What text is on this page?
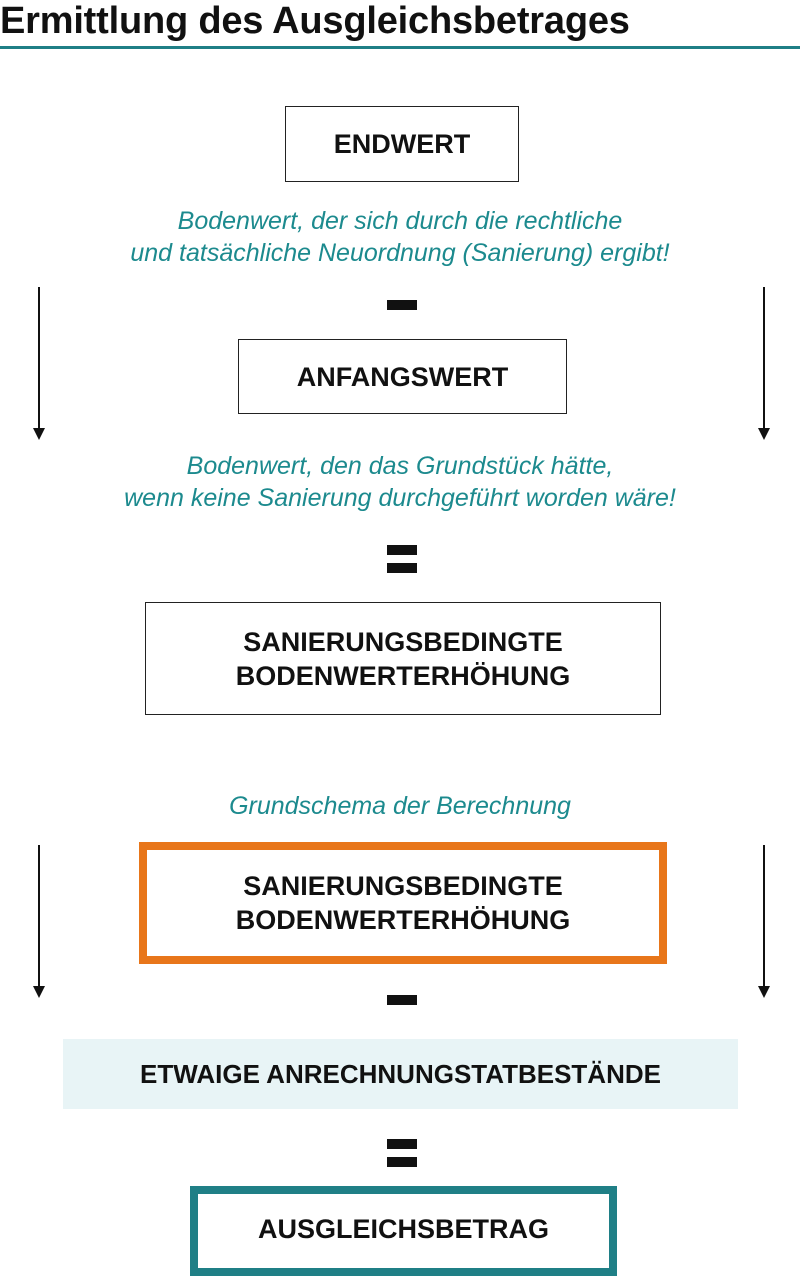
Ermittlung des Ausgleichsbetrages
ENDWERT
Bodenwert, der sich durch die rechtliche
und tatsächliche Neuordnung (Sanierung) ergibt!
ANFANGSWERT
Bodenwert, den das Grundstück hätte,
wenn keine Sanierung durchgeführt worden wäre!
SANIERUNGSBEDINGTE
BODENWERTERHÖHUNG
Grundschema der Berechnung
SANIERUNGSBEDINGTE
BODENWERTERHÖHUNG
ETWAIGE ANRECHNUNGSTATBESTÄNDE
AUSGLEICHSBETRAG
